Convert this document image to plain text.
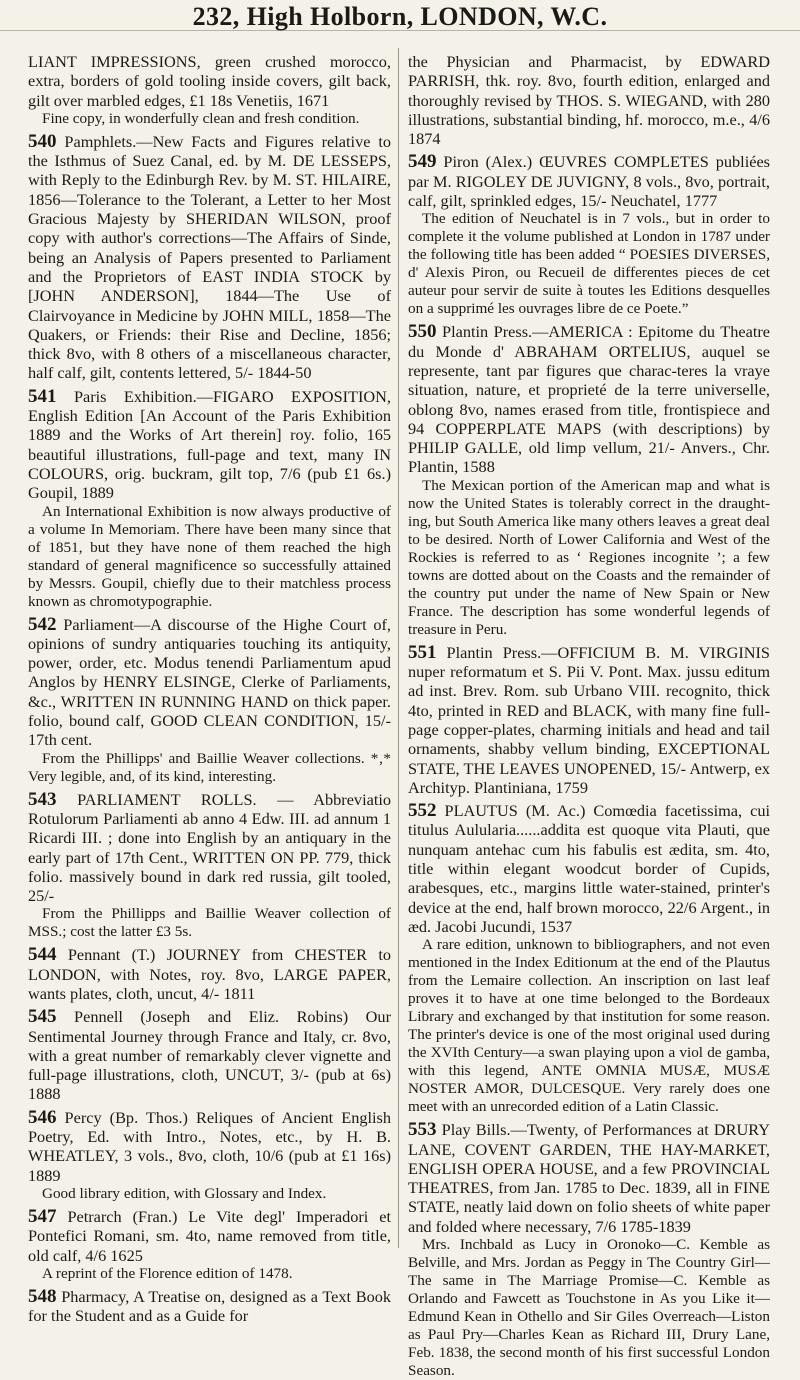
232, High Holborn, LONDON, W.C.

LIANT IMPRESSIONS, green crushed morocco, extra, borders of gold tooling inside covers, gilt back, gilt over marbled edges, £1 18s Venetiis, 1671

Fine copy, in wonderfully clean and fresh condition.

540 Pamphlets.—New Facts and Figures relative to the Isthmus of Suez Canal, ed. by M. DE LESSEPS, with Reply to the Edinburgh Rev. by M. ST. HILAIRE, 1856—Tolerance to the Tolerant, a Letter to her Most Gracious Majesty by SHERIDAN WILSON, proof copy with author's corrections—The Affairs of Sinde, being an Analysis of Papers presented to Parliament and the Proprietors of EAST INDIA STOCK by [JOHN ANDERSON], 1844—The Use of Clairvoyance in Medicine by JOHN MILL, 1858—The Quakers, or Friends: their Rise and Decline, 1856; thick 8vo, with 8 others of a miscellaneous character, half calf, gilt, contents lettered, 5/- 1844-50

541 Paris Exhibition.—FIGARO EXPOSITION, English Edition [An Account of the Paris Exhibition 1889 and the Works of Art therein] roy. folio, 165 beautiful illustrations, full-page and text, many IN COLOURS, orig. buckram, gilt top, 7/6 (pub £1 6s.) Goupil, 1889

An International Exhibition is now always productive of a volume In Memoriam. There have been many since that of 1851, but they have none of them reached the high standard of general magnificence so successfully attained by Messrs. Goupil, chiefly due to their matchless process known as chromotypographie.

542 Parliament—A discourse of the Highe Court of, opinions of sundry antiquaries touching its antiquity, power, order, etc. Modus tenendi Parliamentum apud Anglos by HENRY ELSINGE, Clerke of Parliaments, &c., WRITTEN IN RUNNING HAND on thick paper. folio, bound calf, GOOD CLEAN CONDITION, 15/- 17th cent.

From the Phillipps' and Baillie Weaver collections. *‚* Very legible, and, of its kind, interesting.

543 PARLIAMENT ROLLS. — Abbreviatio Rotulorum Parliamenti ab anno 4 Edw. III. ad annum 1 Ricardi III. ; done into English by an antiquary in the early part of 17th Cent., WRITTEN ON PP. 779, thick folio. massively bound in dark red russia, gilt tooled, 25/-

From the Phillipps and Baillie Weaver collection of MSS.; cost the latter £3 5s.

544 Pennant (T.) JOURNEY from CHESTER to LONDON, with Notes, roy. 8vo, LARGE PAPER, wants plates, cloth, uncut, 4/- 1811

545 Pennell (Joseph and Eliz. Robins) Our Sentimental Journey through France and Italy, cr. 8vo, with a great number of remarkably clever vignette and full-page illustrations, cloth, UNCUT, 3/- (pub at 6s) 1888

546 Percy (Bp. Thos.) Reliques of Ancient English Poetry, Ed. with Intro., Notes, etc., by H. B. WHEATLEY, 3 vols., 8vo, cloth, 10/6 (pub at £1 16s) 1889

Good library edition, with Glossary and Index.

547 Petrarch (Fran.) Le Vite degl' Imperadori et Pontefici Romani, sm. 4to, name removed from title, old calf, 4/6 1625

A reprint of the Florence edition of 1478.

548 Pharmacy, A Treatise on, designed as a Text Book for the Student and as a Guide for

the Physician and Pharmacist, by EDWARD PARRISH, thk. roy. 8vo, fourth edition, enlarged and thoroughly revised by THOS. S. WIEGAND, with 280 illustrations, substantial binding, hf. morocco, m.e., 4/6 1874

549 Piron (Alex.) ŒUVRES COMPLETES publiées par M. RIGOLEY DE JUVIGNY, 8 vols., 8vo, portrait, calf, gilt, sprinkled edges, 15/- Neuchatel, 1777

The edition of Neuchatel is in 7 vols., but in order to complete it the volume published at London in 1787 under the following title has been added “ POESIES DIVERSES, d' Alexis Piron, ou Recueil de differentes pieces de cet auteur pour servir de suite à toutes les Editions desquelles on a supprimé les ouvrages libre de ce Poete.”

550 Plantin Press.—AMERICA : Epitome du Theatre du Monde d' ABRAHAM ORTELIUS, auquel se represente, tant par figures que charac-teres la vraye situation, nature, et proprieté de la terre universelle, oblong 8vo, names erased from title, frontispiece and 94 COPPERPLATE MAPS (with descriptions) by PHILIP GALLE, old limp vellum, 21/- Anvers., Chr. Plantin, 1588

The Mexican portion of the American map and what is now the United States is tolerably correct in the draught-ing, but South America like many others leaves a great deal to be desired. North of Lower California and West of the Rockies is referred to as ‘ Regiones incognite ’; a few towns are dotted about on the Coasts and the remainder of the country put under the name of New Spain or New France. The description has some wonderful legends of treasure in Peru.

551 Plantin Press.—OFFICIUM B. M. VIRGINIS nuper reformatum et S. Pii V. Pont. Max. jussu editum ad inst. Brev. Rom. sub Urbano VIII. recognito, thick 4to, printed in RED and BLACK, with many fine full-page copper-plates, charming initials and head and tail ornaments, shabby vellum binding, EXCEPTIONAL STATE, THE LEAVES UNOPENED, 15/- Antwerp, ex Archityp. Plantiniana, 1759

552 PLAUTUS (M. Ac.) Comœdia facetissima, cui titulus Aulularia......addita est quoque vita Plauti, que nunquam antehac cum his fabulis est ædita, sm. 4to, title within elegant woodcut border of Cupids, arabesques, etc., margins little water-stained, printer's device at the end, half brown morocco, 22/6 Argent., in æd. Jacobi Jucundi, 1537

A rare edition, unknown to bibliographers, and not even mentioned in the Index Editionum at the end of the Plautus from the Lemaire collection. An inscription on last leaf proves it to have at one time belonged to the Bordeaux Library and exchanged by that institution for some reason. The printer's device is one of the most original used during the XVIth Century—a swan playing upon a viol de gamba, with this legend, ANTE OMNIA MUSÆ, MUSÆ NOSTER AMOR, DULCESQUE. Very rarely does one meet with an unrecorded edition of a Latin Classic.

553 Play Bills.—Twenty, of Performances at DRURY LANE, COVENT GARDEN, THE HAY-MARKET, ENGLISH OPERA HOUSE, and a few PROVINCIAL THEATRES, from Jan. 1785 to Dec. 1839, all in FINE STATE, neatly laid down on folio sheets of white paper and folded where necessary, 7/6 1785-1839

Mrs. Inchbald as Lucy in Oronoko—C. Kemble as Belville, and Mrs. Jordan as Peggy in The Country Girl—The same in The Marriage Promise—C. Kemble as Orlando and Fawcett as Touchstone in As you Like it—Edmund Kean in Othello and Sir Giles Overreach—Liston as Paul Pry—Charles Kean as Richard III, Drury Lane, Feb. 1838, the second month of his first successful London Season.
